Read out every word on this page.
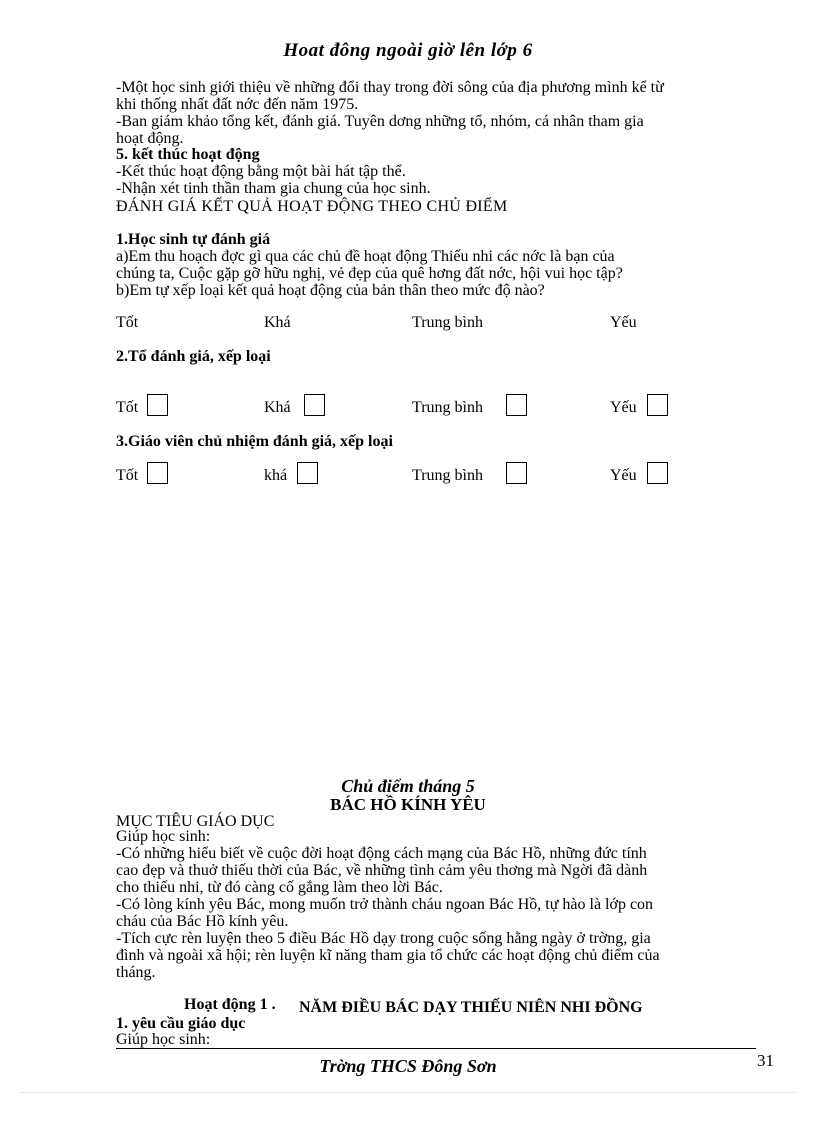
Hoat đông ngoài giờ lên lớp 6
-Một học sinh giới thiệu về những đổi thay trong đời sông của địa phương mình kể từ
khi thống nhất đất nớc đến năm 1975.
-Ban giám khảo tổng kết, đánh giá. Tuyên dơng những tổ, nhóm, cá nhân tham gia
hoạt động.
5. kết thúc hoạt động
-Kết thúc hoạt động bằng một bài hát tập thể.
-Nhận xét tinh thần tham gia chung của học sinh.
ĐÁNH GIÁ KẾT QUẢ HOẠT ĐỘNG THEO CHỦ ĐIỂM
1.Học sinh tự đánh giá
a)Em thu hoạch đợc gì qua các chủ đề hoạt động Thiếu nhi các nớc là bạn của
chúng ta, Cuộc gặp gỡ hữu nghị, vẻ đẹp của quê hơng đất nớc, hội vui học tập?
b)Em tự xếp loại kết quả hoạt động của bản thân theo mức độ nào?
Tốt	Khá	Trung bình	Yếu
2.Tổ đánh giá, xếp loại
Tốt	Khá	Trung bình	Yếu
3.Giáo viên chủ nhiệm đánh giá, xếp loại
Tốt	khá	Trung bình	Yếu
Chủ điểm tháng 5
BÁC HỒ KÍNH YÊU
MỤC TIÊU GIÁO DỤC
Giúp học sinh:
-Có những hiểu biết về cuộc đời hoạt động cách mạng của Bác Hồ, những đức tính
cao đẹp và thuở thiếu thời của Bác, về những tình cảm yêu thơng mà Ngời đã dành
cho thiếu nhi, từ đó càng cố gắng làm theo lời Bác.
-Có lòng kính yêu Bác, mong muốn trở thành cháu ngoan Bác Hồ, tự hào là lớp con
cháu của Bác Hồ kính yêu.
-Tích cực rèn luyện theo 5 điều Bác Hồ dạy trong cuộc sống hằng ngày ở trờng, gia
đình và ngoài xã hội; rèn luyện kĩ năng tham gia tổ chức các hoạt động chủ điểm của
tháng.
Hoạt động 1 . NĂM ĐIỀU BÁC DẠY THIẾU NIÊN NHI ĐỒNG
1. yêu cầu giáo dục
Giúp học sinh:
Trờng THCS Đông Sơn	31
